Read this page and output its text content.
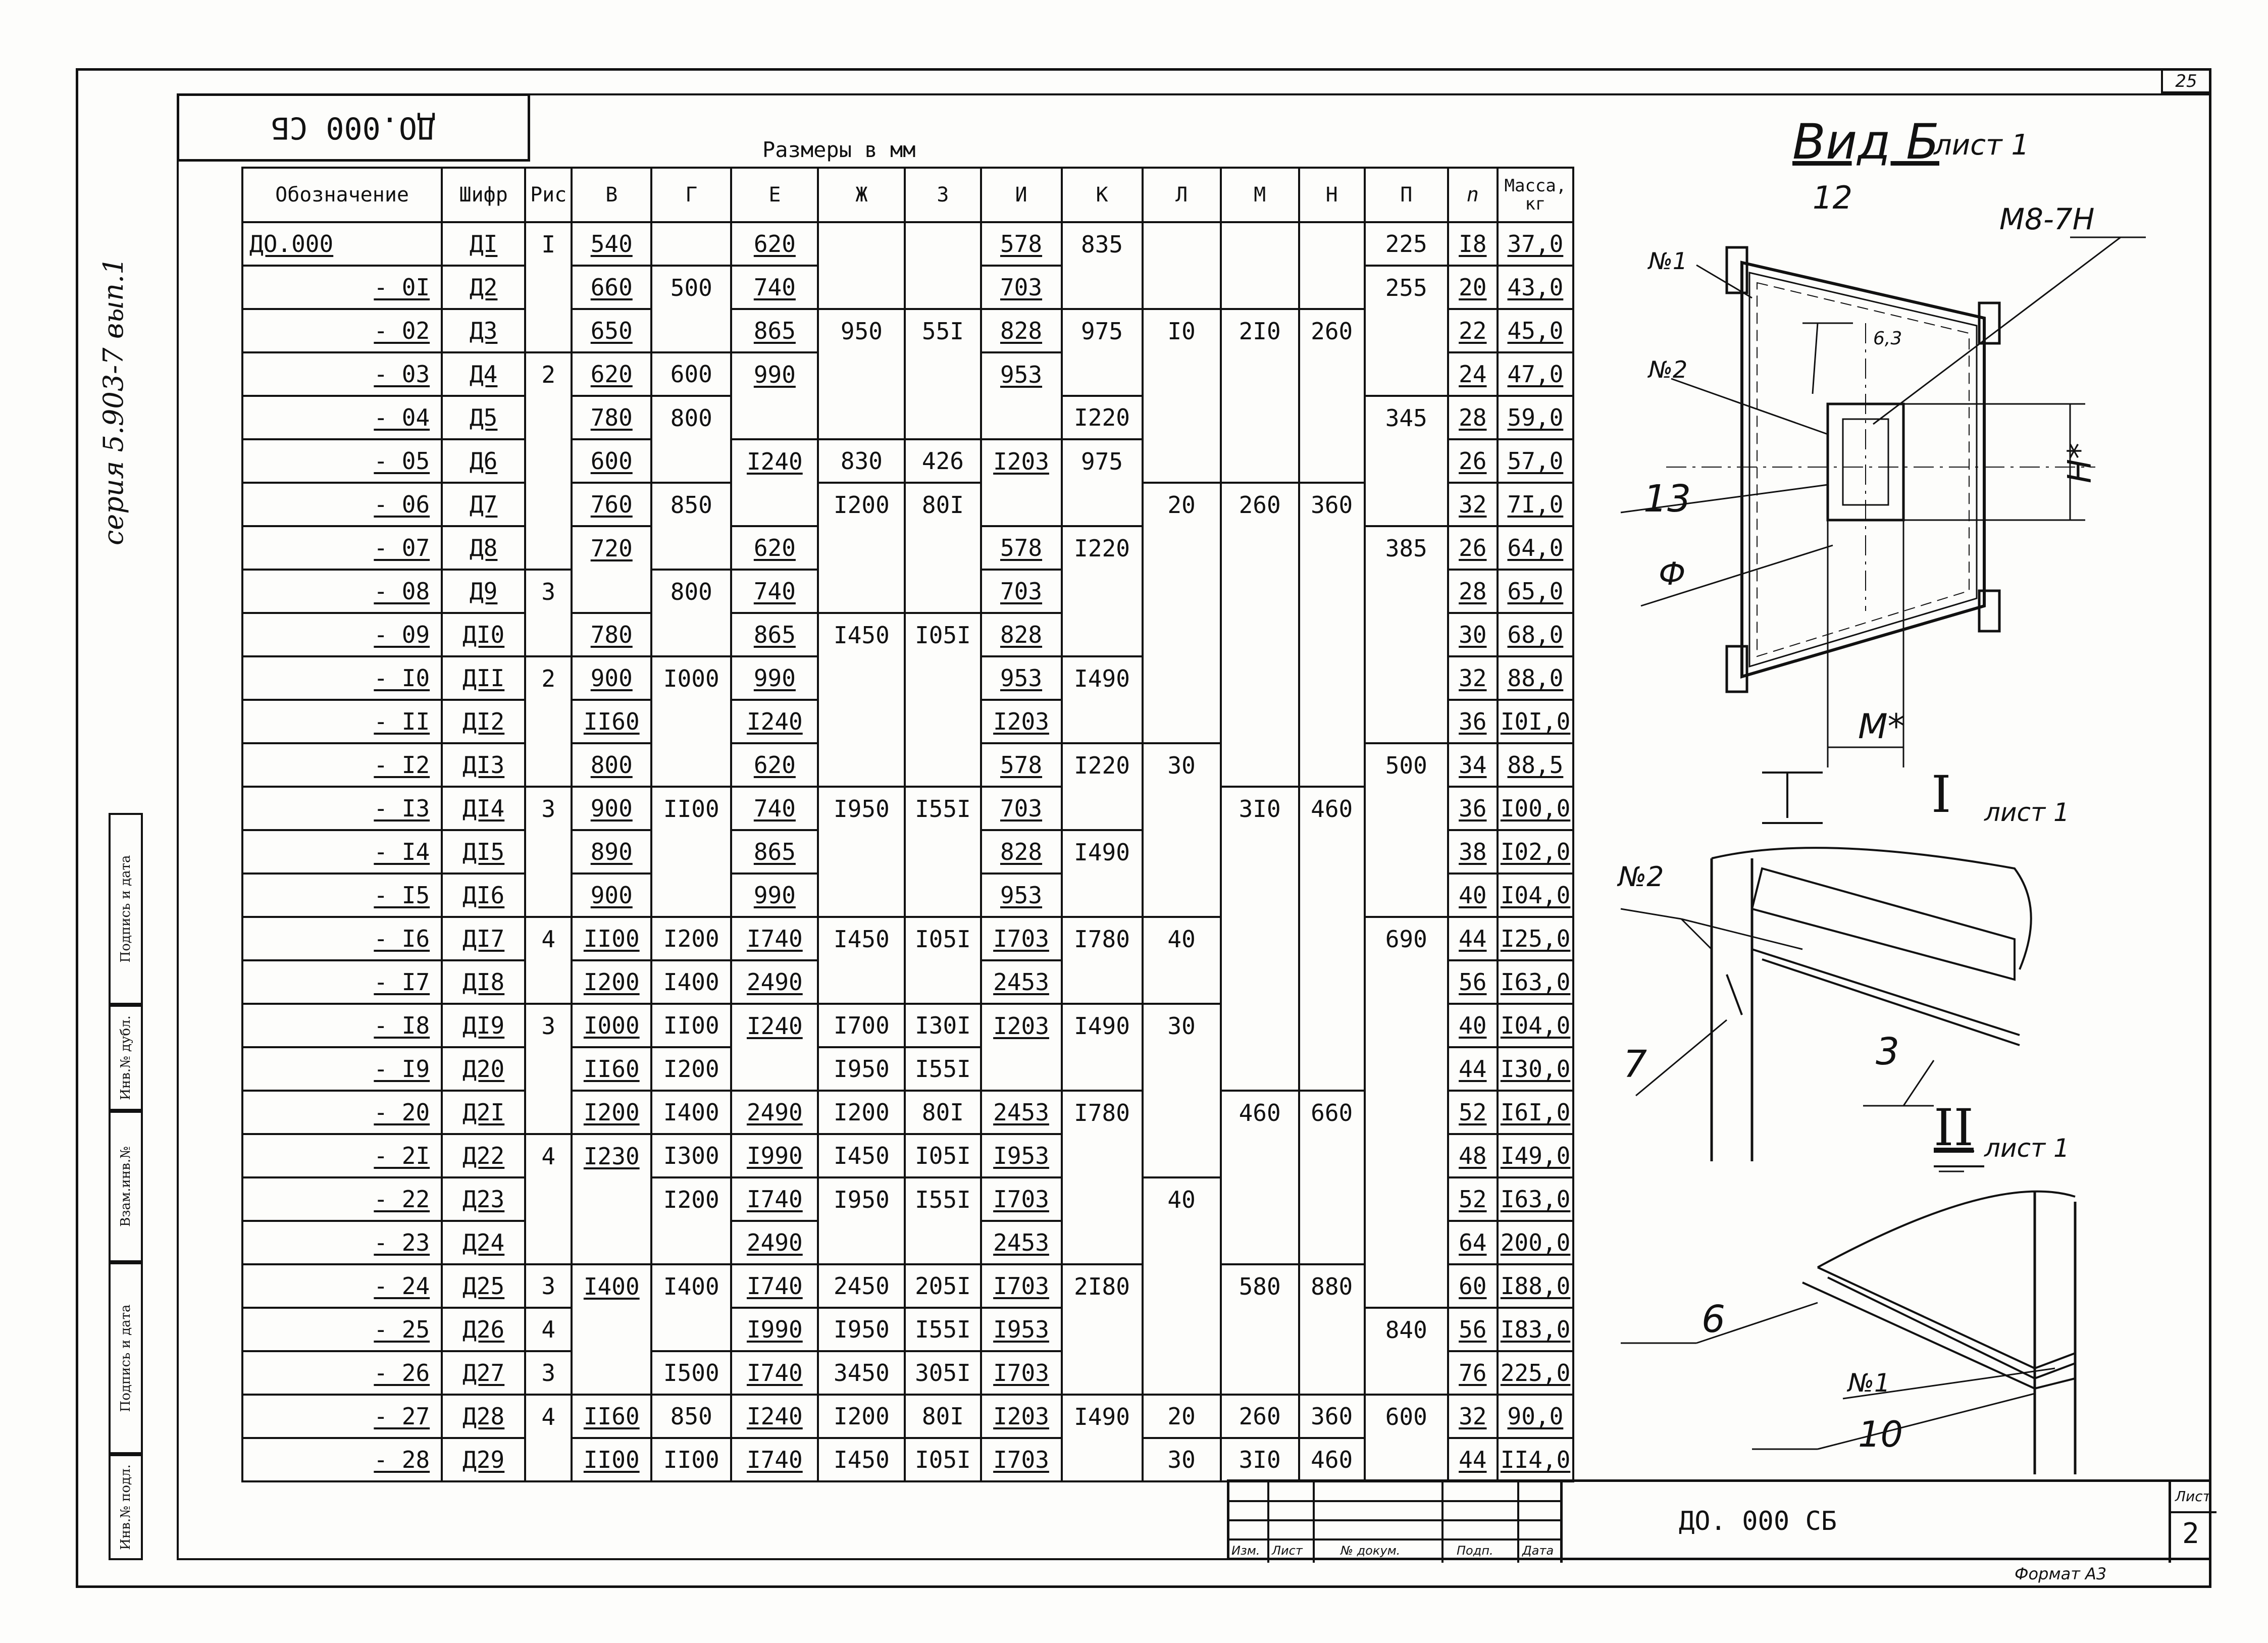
25
ДО.000 СБ
серия 5.903-7 вып.1
Подпись и дата
Инв.№ дубл.
Взам.инв.№
Подпись и дата
Инв.№ подл.
Размеры в мм
Обозначение	Шифр	Рис	В	Г	Е	Ж	З	И	К	Л	М	Н	П	n	Масса, кг
ДО.000	ДI	I	540		620			578	835				225	I8	37,0
- 0I	Д2		660	500	740			703					255	20	43,0
- 02	Д3		650		865	950	55I	828	975	I0	2I0	260		22	45,0
- 03	Д4	2	620	600	990			953						24	47,0
- 04	Д5		780	800					I220				345	28	59,0
- 05	Д6		600		I240	830	426	I203	975					26	57,0
- 06	Д7		760	850		I200	80I			20	260	360		32	7I,0
- 07	Д8		720		620			578	I220				385	26	64,0
- 08	Д9	3		800	740			703						28	65,0
- 09	ДI0		780		865	I450	I05I	828						30	68,0
- I0	ДII	2	900	I000	990			953	I490					32	88,0
- II	ДI2		II60		I240			I203						36	I0I,0
- I2	ДI3		800		620			578	I220	30			500	34	88,5
- I3	ДI4	3	900	II00	740	I950	I55I	703			3I0	460		36	I00,0
- I4	ДI5		890		865			828	I490					38	I02,0
- I5	ДI6		900		990			953						40	I04,0
- I6	ДI7	4	II00	I200	I740	I450	I05I	I703	I780	40			690	44	I25,0
- I7	ДI8		I200	I400	2490			2453						56	I63,0
- I8	ДI9	3	I000	II00	I240	I700	I30I	I203	I490	30				40	I04,0
- I9	Д20		II60	I200		I950	I55I							44	I30,0
- 20	Д2I		I200	I400	2490	I200	80I	2453	I780		460	660		52	I6I,0
- 2I	Д22	4	I230	I300	I990	I450	I05I	I953						48	I49,0
- 22	Д23			I200	I740	I950	I55I	I703		40				52	I63,0
- 23	Д24				2490			2453						64	200,0
- 24	Д25	3	I400	I400	I740	2450	205I	I703	2I80		580	880		60	I88,0
- 25	Д26	4			I990	I950	I55I	I953					840	56	I83,0
- 26	Д27	3		I500	I740	3450	305I	I703						76	225,0
- 27	Д28	4	II60	850	I240	I200	80I	I203	I490	20	260	360	600	32	90,0
- 28	Д29		II00	II00	I740	I450	I05I	I703		30	3I0	460		44	II4,0
Вид Б
лист 1
12
М8-7Н
№1
№2
6,3
Н*
13
Ф
М*
I лист 1
№2
7	3
II лист 1
6
№1
10
Изм. Лист	№ докум.	Подп. Дата
ДО. 000 СБ
Лист
2
Формат А3
